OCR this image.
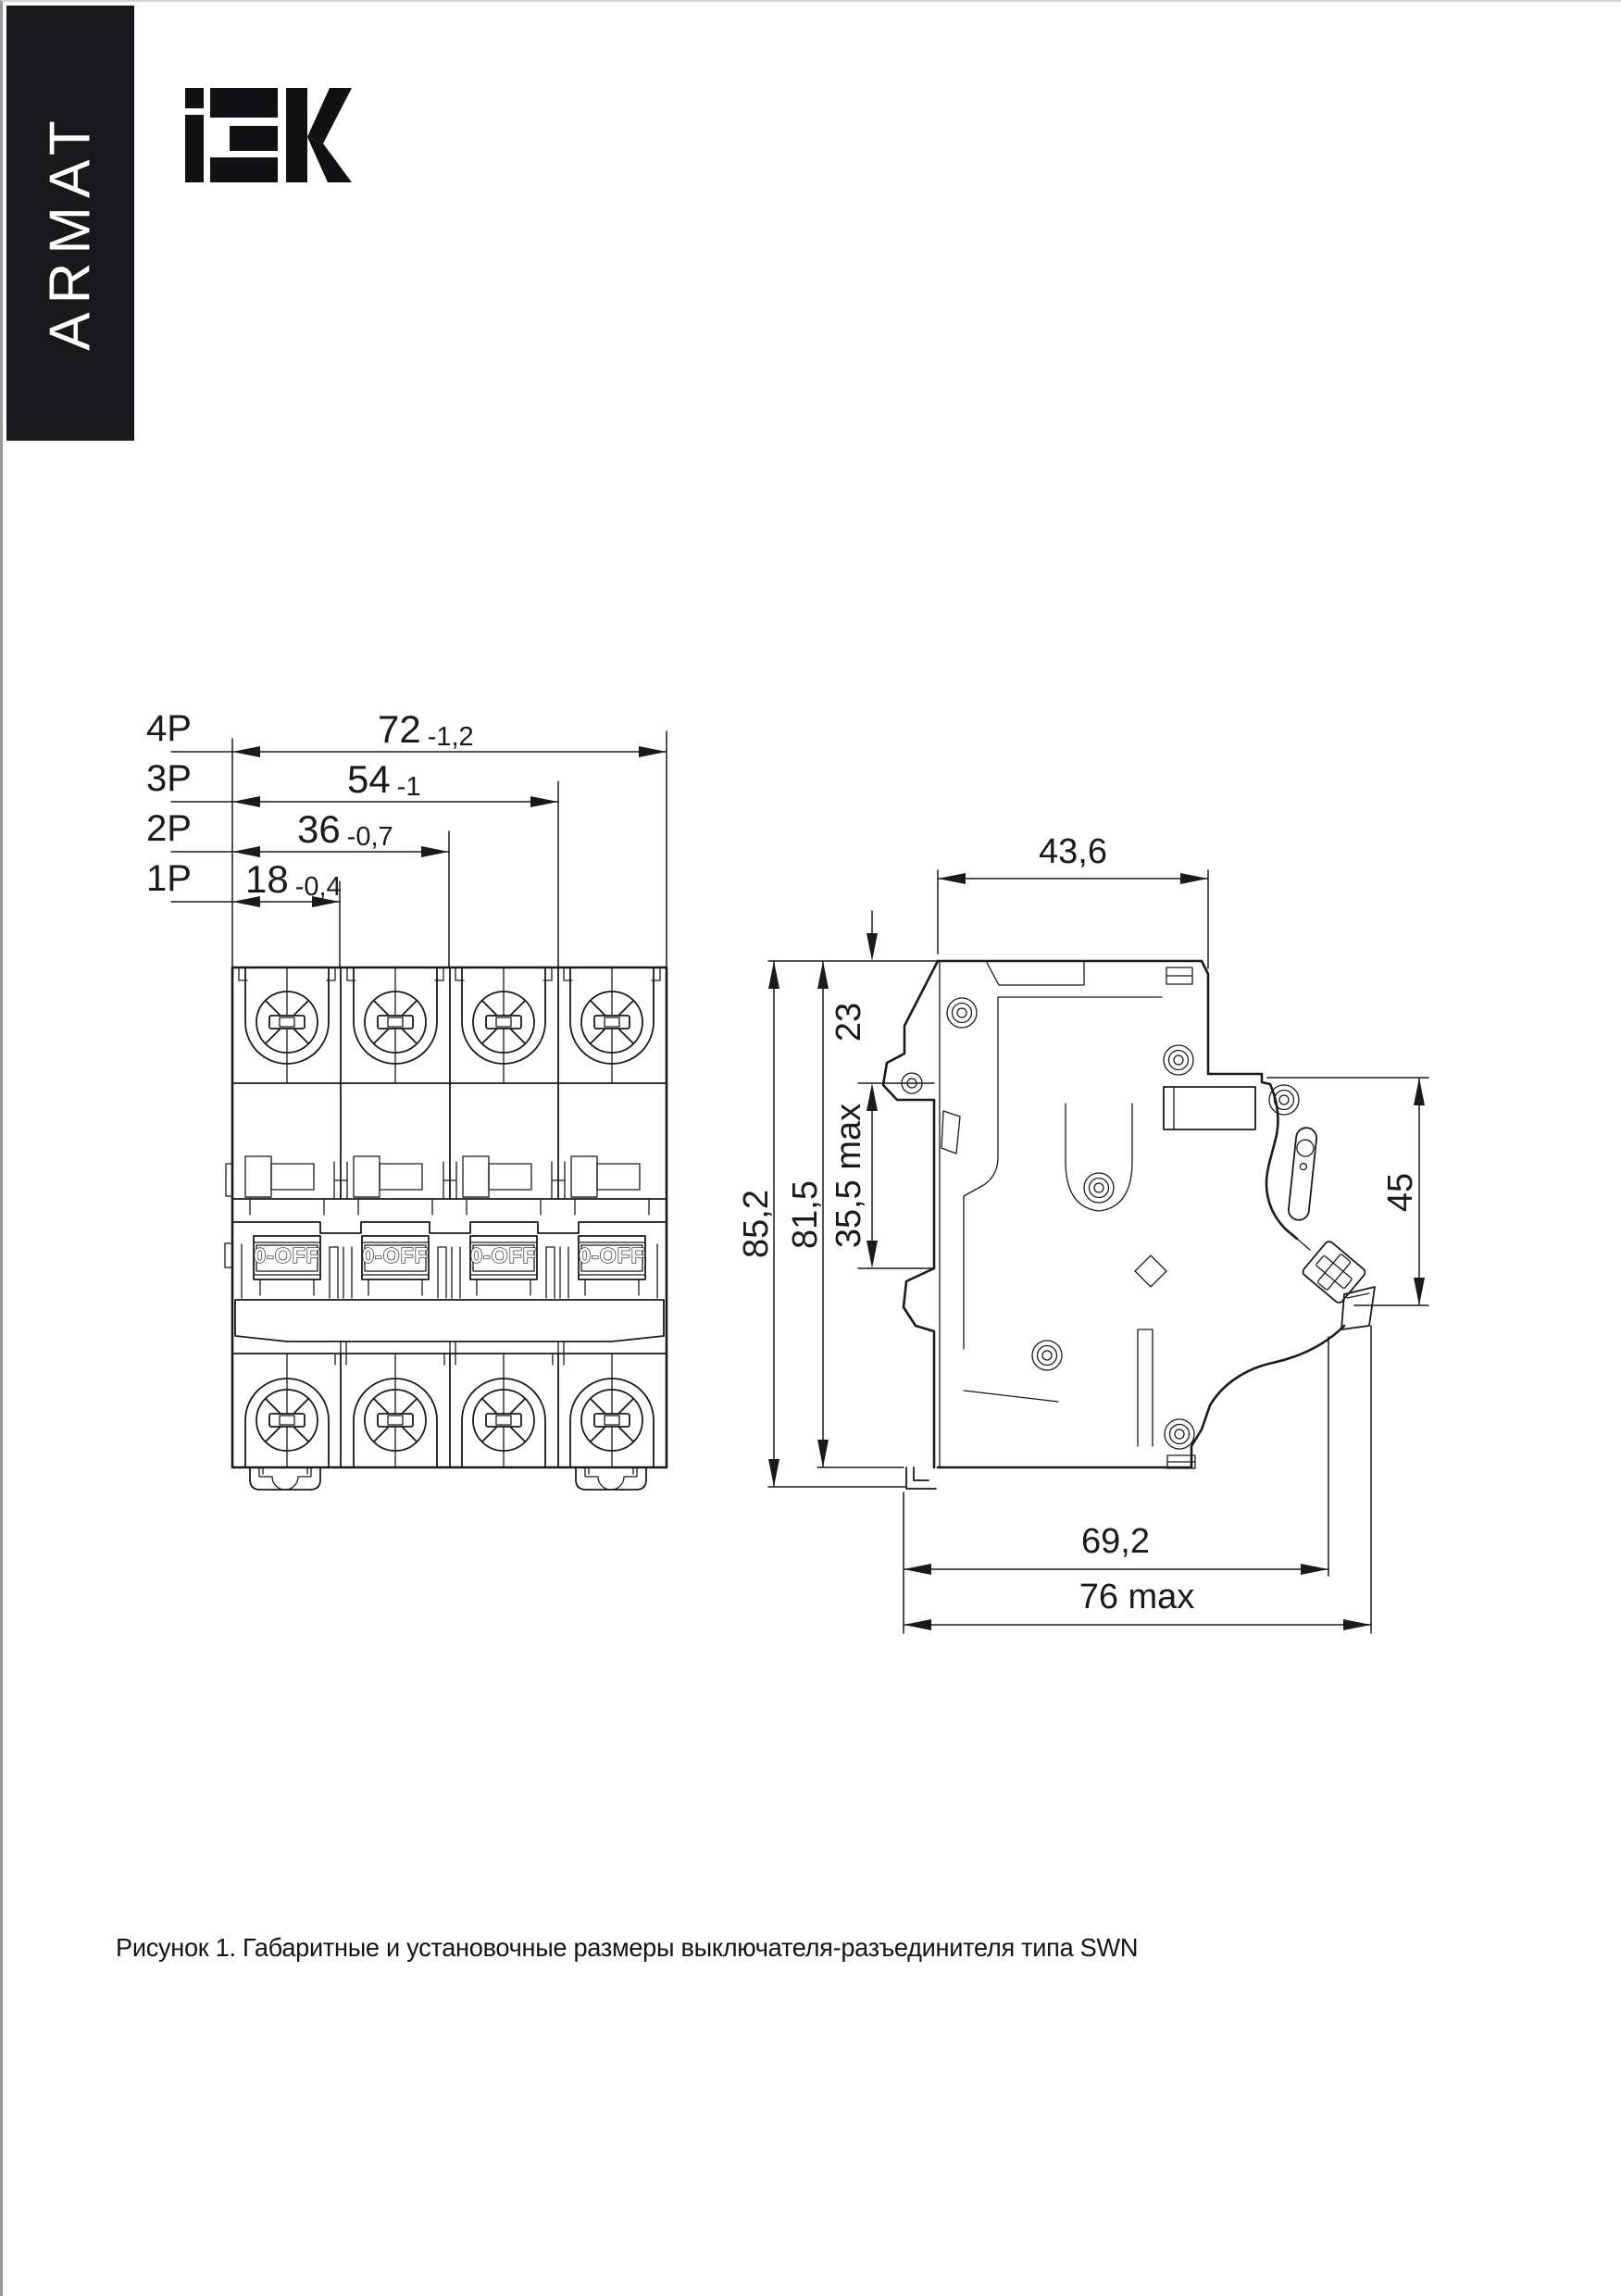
ARMAT
4P	72 -1,2
3P	54 -1
2P	36 -0,7
1P 18 -0,4
0-OFF 0-OFF 0-OFF 0-OFF
43,6
85,2 81,5
23
35,5 max	45
69,2
76 max
Рисунок 1. Габаритные и установочные размеры выключателя-разъединителя типа SWN
